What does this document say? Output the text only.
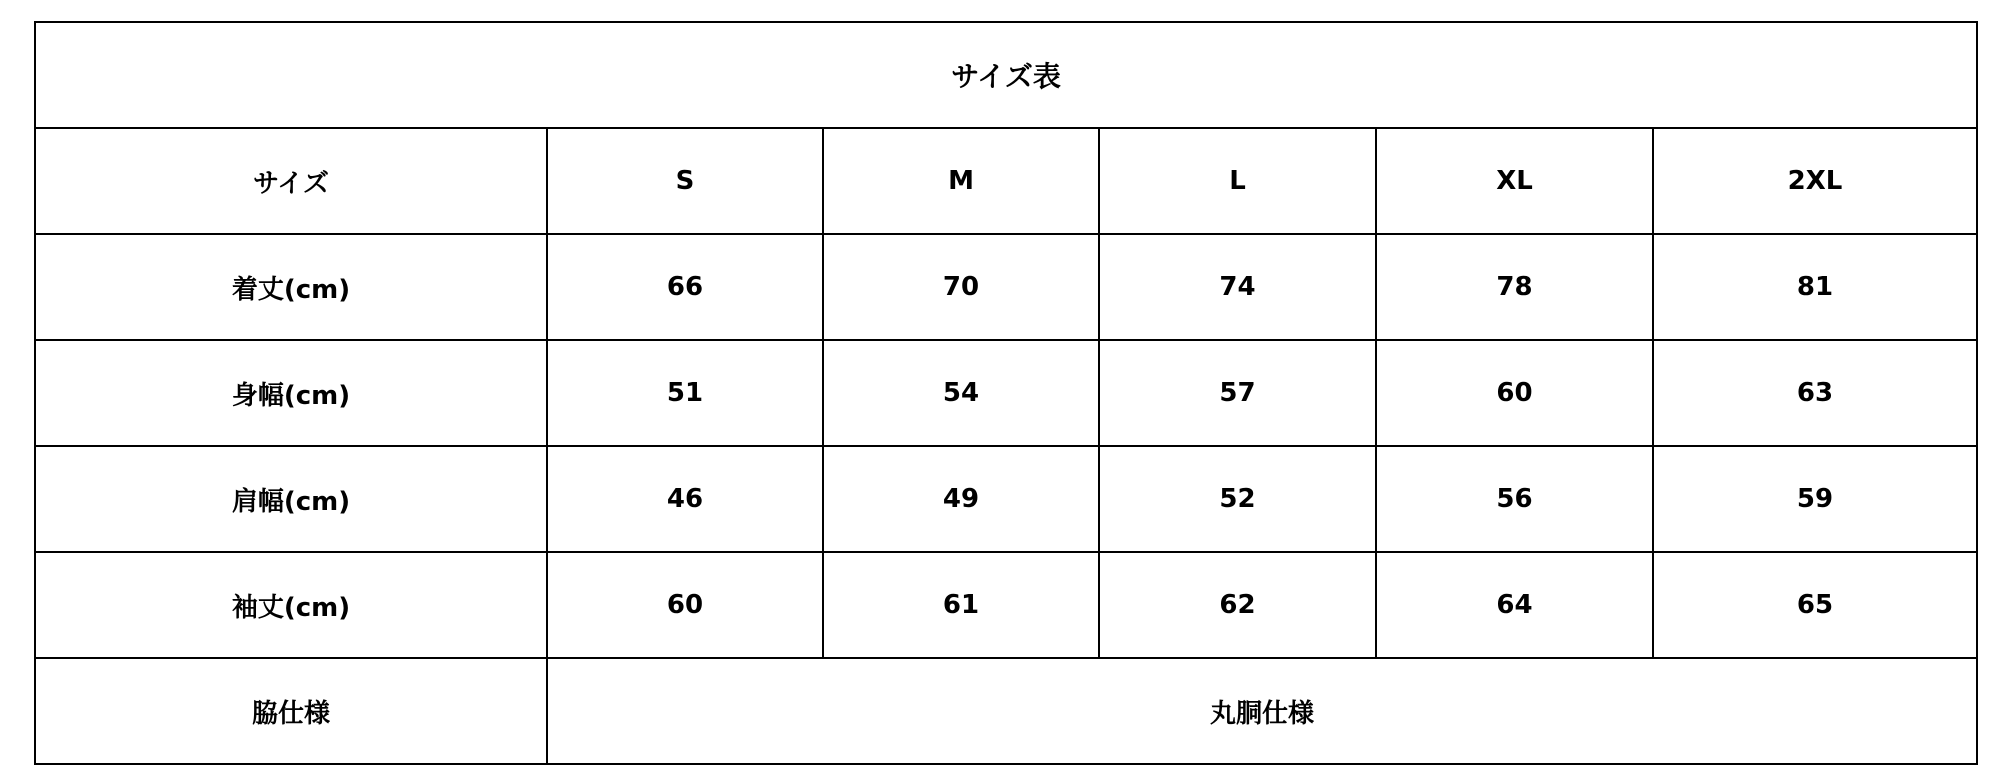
サイズ表					
サイズ	S	M	L	XL	2XL
着丈(cm)	66	70	74	78	81
身幅(cm)	51	54	57	60	63
肩幅(cm)	46	49	52	56	59
袖丈(cm)	60	61	62	64	65
脇仕様	丸胴仕様				
